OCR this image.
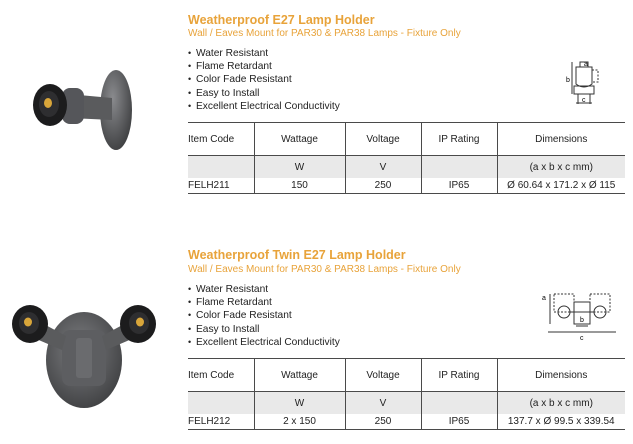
Weatherproof E27 Lamp Holder

Wall / Eaves Mount for PAR30 & PAR38 Lamps - Fixture Only

• Water Resistant
• Flame Retardant
• Color Fade Resistant
• Easy to Install
• Excellent Electrical Conductivity
a
b
c
Item Code	Wattage	Voltage	IP Rating	Dimensions
	W	V		(a x b x c mm)
FELH211	150	250	IP65	Ø 60.64 x 171.2 x Ø 115
Weatherproof Twin E27 Lamp Holder

Wall / Eaves Mount for PAR30 & PAR38 Lamps - Fixture Only

• Water Resistant
• Flame Retardant
• Color Fade Resistant
• Easy to Install
• Excellent Electrical Conductivity
a
b
c
Item Code	Wattage	Voltage	IP Rating	Dimensions
	W	V		(a x b x c mm)
FELH212	2 x 150	250	IP65	137.7 x Ø 99.5 x 339.54
